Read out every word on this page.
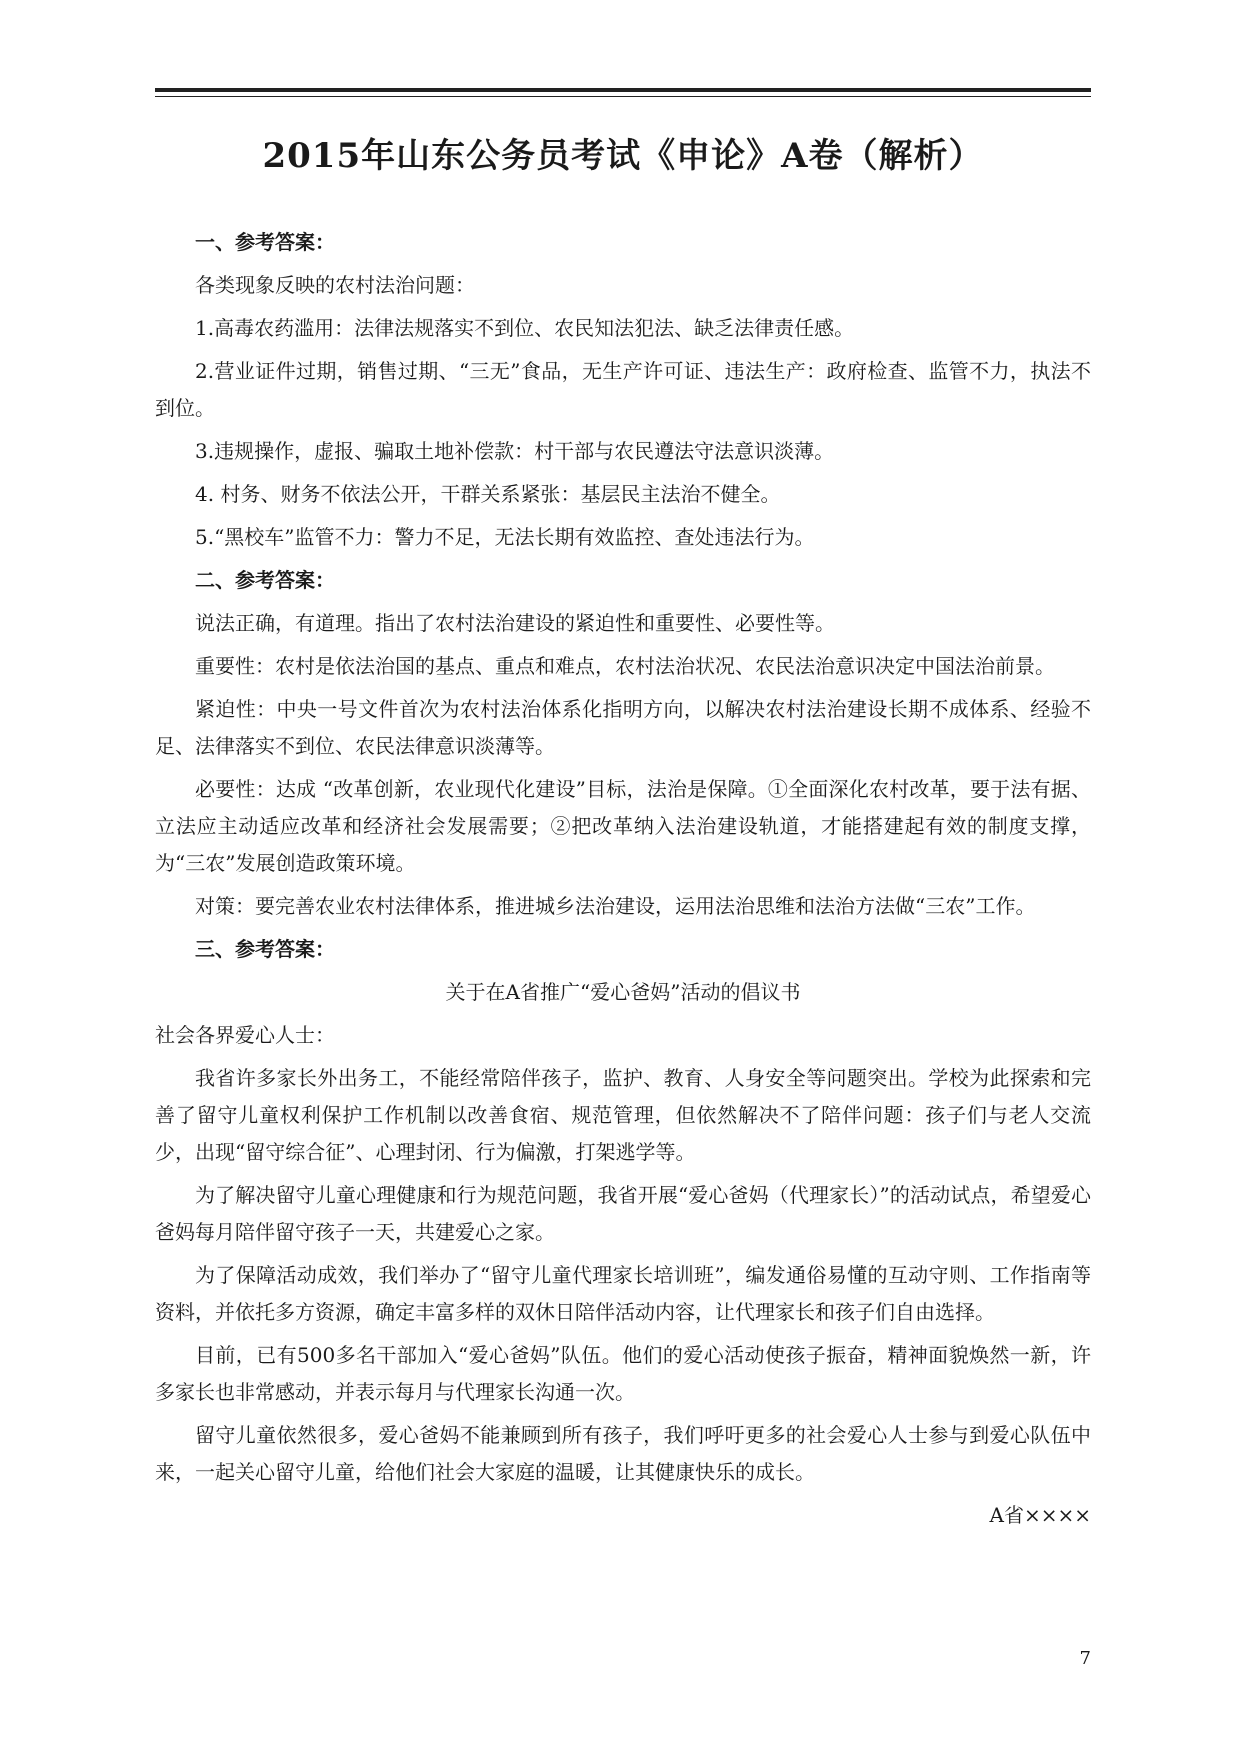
2015年山东公务员考试《申论》A卷（解析）

一、参考答案：

各类现象反映的农村法治问题：

1.高毒农药滥用：法律法规落实不到位、农民知法犯法、缺乏法律责任感。

2.营业证件过期，销售过期、“三无”食品，无生产许可证、违法生产：政府检查、监管不力，执法不到位。

3.违规操作，虚报、骗取土地补偿款：村干部与农民遵法守法意识淡薄。

4. 村务、财务不依法公开，干群关系紧张：基层民主法治不健全。

5.“黑校车”监管不力：警力不足，无法长期有效监控、查处违法行为。

二、参考答案：

说法正确，有道理。指出了农村法治建设的紧迫性和重要性、必要性等。

重要性：农村是依法治国的基点、重点和难点，农村法治状况、农民法治意识决定中国法治前景。

紧迫性：中央一号文件首次为农村法治体系化指明方向，以解决农村法治建设长期不成体系、经验不足、法律落实不到位、农民法律意识淡薄等。

必要性：达成 “改革创新，农业现代化建设”目标，法治是保障。①全面深化农村改革，要于法有据、立法应主动适应改革和经济社会发展需要；②把改革纳入法治建设轨道，才能搭建起有效的制度支撑，为“三农”发展创造政策环境。

对策：要完善农业农村法律体系，推进城乡法治建设，运用法治思维和法治方法做“三农”工作。

三、参考答案：

关于在A省推广“爱心爸妈”活动的倡议书

社会各界爱心人士：

我省许多家长外出务工，不能经常陪伴孩子，监护、教育、人身安全等问题突出。学校为此探索和完善了留守儿童权利保护工作机制以改善食宿、规范管理，但依然解决不了陪伴问题：孩子们与老人交流少，出现“留守综合征”、心理封闭、行为偏激，打架逃学等。

为了解决留守儿童心理健康和行为规范问题，我省开展“爱心爸妈（代理家长）”的活动试点，希望爱心爸妈每月陪伴留守孩子一天，共建爱心之家。

为了保障活动成效，我们举办了“留守儿童代理家长培训班”，编发通俗易懂的互动守则、工作指南等资料，并依托多方资源，确定丰富多样的双休日陪伴活动内容，让代理家长和孩子们自由选择。

目前，已有500多名干部加入“爱心爸妈”队伍。他们的爱心活动使孩子振奋，精神面貌焕然一新，许多家长也非常感动，并表示每月与代理家长沟通一次。

留守儿童依然很多，爱心爸妈不能兼顾到所有孩子，我们呼吁更多的社会爱心人士参与到爱心队伍中来，一起关心留守儿童，给他们社会大家庭的温暖，让其健康快乐的成长。

A省××××

7
